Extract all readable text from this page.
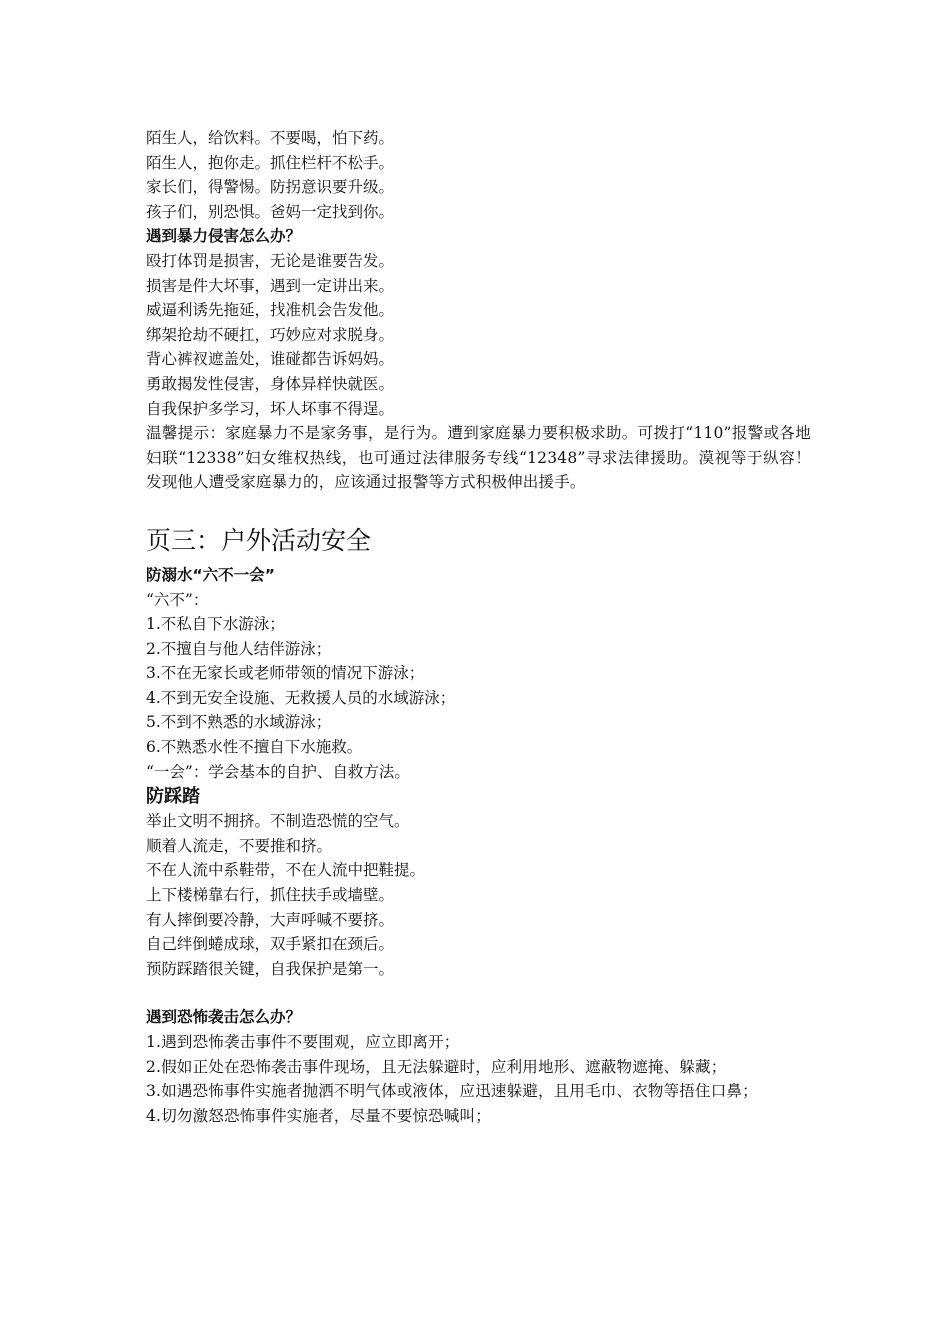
陌生人，给饮料。不要喝，怕下药。

陌生人，抱你走。抓住栏杆不松手。

家长们，得警惕。防拐意识要升级。

孩子们，别恐惧。爸妈一定找到你。

遇到暴力侵害怎么办？

殴打体罚是损害，无论是谁要告发。

损害是件大坏事，遇到一定讲出来。

威逼利诱先拖延，找准机会告发他。

绑架抢劫不硬扛，巧妙应对求脱身。

背心裤衩遮盖处，谁碰都告诉妈妈。

勇敢揭发性侵害，身体异样快就医。

自我保护多学习，坏人坏事不得逞。

温馨提示：家庭暴力不是家务事，是行为。遭到家庭暴力要积极求助。可拨打“110”报警或各地妇联“12338”妇女维权热线，也可通过法律服务专线“12348”寻求法律援助。漠视等于纵容！发现他人遭受家庭暴力的，应该通过报警等方式积极伸出援手。

页三：户外活动安全

防溺水“六不一会”

“六不”：

1.不私自下水游泳；

2.不擅自与他人结伴游泳；

3.不在无家长或老师带领的情况下游泳；

4.不到无安全设施、无救援人员的水域游泳；

5.不到不熟悉的水域游泳；

6.不熟悉水性不擅自下水施救。

“一会”：学会基本的自护、自救方法。

防踩踏

举止文明不拥挤。不制造恐慌的空气。

顺着人流走，不要推和挤。

不在人流中系鞋带，不在人流中把鞋提。

上下楼梯靠右行，抓住扶手或墙壁。

有人摔倒要冷静，大声呼喊不要挤。

自己绊倒蜷成球，双手紧扣在颈后。

预防踩踏很关键，自我保护是第一。

遇到恐怖袭击怎么办？

1.遇到恐怖袭击事件不要围观，应立即离开；

2.假如正处在恐怖袭击事件现场，且无法躲避时，应利用地形、遮蔽物遮掩、躲藏；

3.如遇恐怖事件实施者抛洒不明气体或液体，应迅速躲避，且用毛巾、衣物等捂住口鼻；

4.切勿激怒恐怖事件实施者，尽量不要惊恐喊叫；
